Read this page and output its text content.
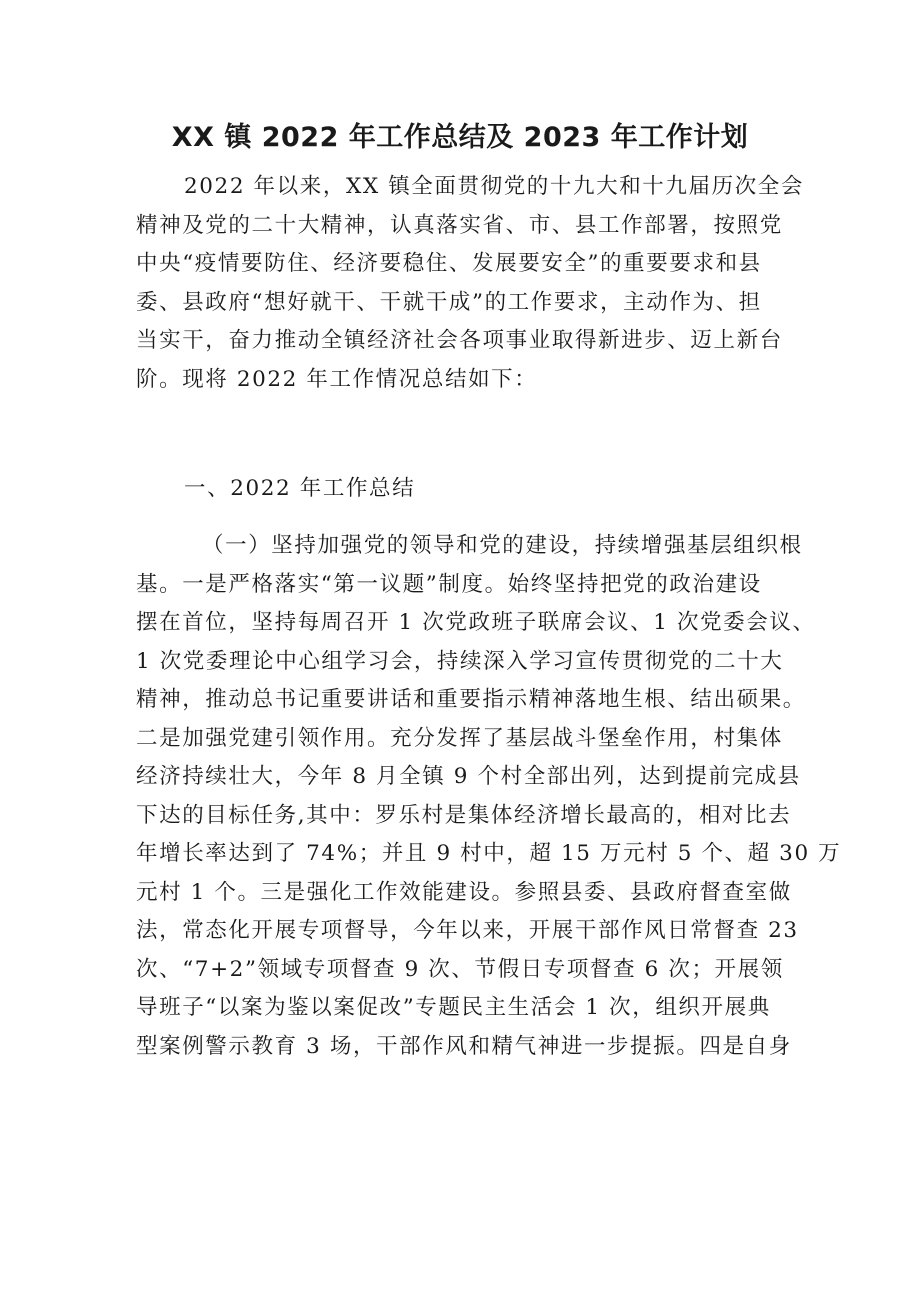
XX 镇 2022 年工作总结及 2023 年工作计划
2022 年以来，XX 镇全面贯彻党的十九大和十九届历次全会
精神及党的二十大精神，认真落实省、市、县工作部署，按照党
中央“疫情要防住、经济要稳住、发展要安全”的重要要求和县
委、县政府“想好就干、干就干成”的工作要求，主动作为、担
当实干，奋力推动全镇经济社会各项事业取得新进步、迈上新台
阶。现将 2022 年工作情况总结如下：
一、2022 年工作总结
（一）坚持加强党的领导和党的建设，持续增强基层组织根
基。一是严格落实“第一议题”制度。始终坚持把党的政治建设
摆在首位，坚持每周召开 1 次党政班子联席会议、1 次党委会议、
1 次党委理论中心组学习会，持续深入学习宣传贯彻党的二十大
精神，推动总书记重要讲话和重要指示精神落地生根、结出硕果。
二是加强党建引领作用。充分发挥了基层战斗堡垒作用，村集体
经济持续壮大，今年 8 月全镇 9 个村全部出列，达到提前完成县
下达的目标任务,其中：罗乐村是集体经济增长最高的，相对比去
年增长率达到了 74%；并且 9 村中，超 15 万元村 5 个、超 30 万
元村 1 个。三是强化工作效能建设。参照县委、县政府督查室做
法，常态化开展专项督导，今年以来，开展干部作风日常督查 23
次、“7+2”领域专项督查 9 次、节假日专项督查 6 次；开展领
导班子“以案为鉴以案促改”专题民主生活会 1 次，组织开展典
型案例警示教育 3 场，干部作风和精气神进一步提振。四是自身
